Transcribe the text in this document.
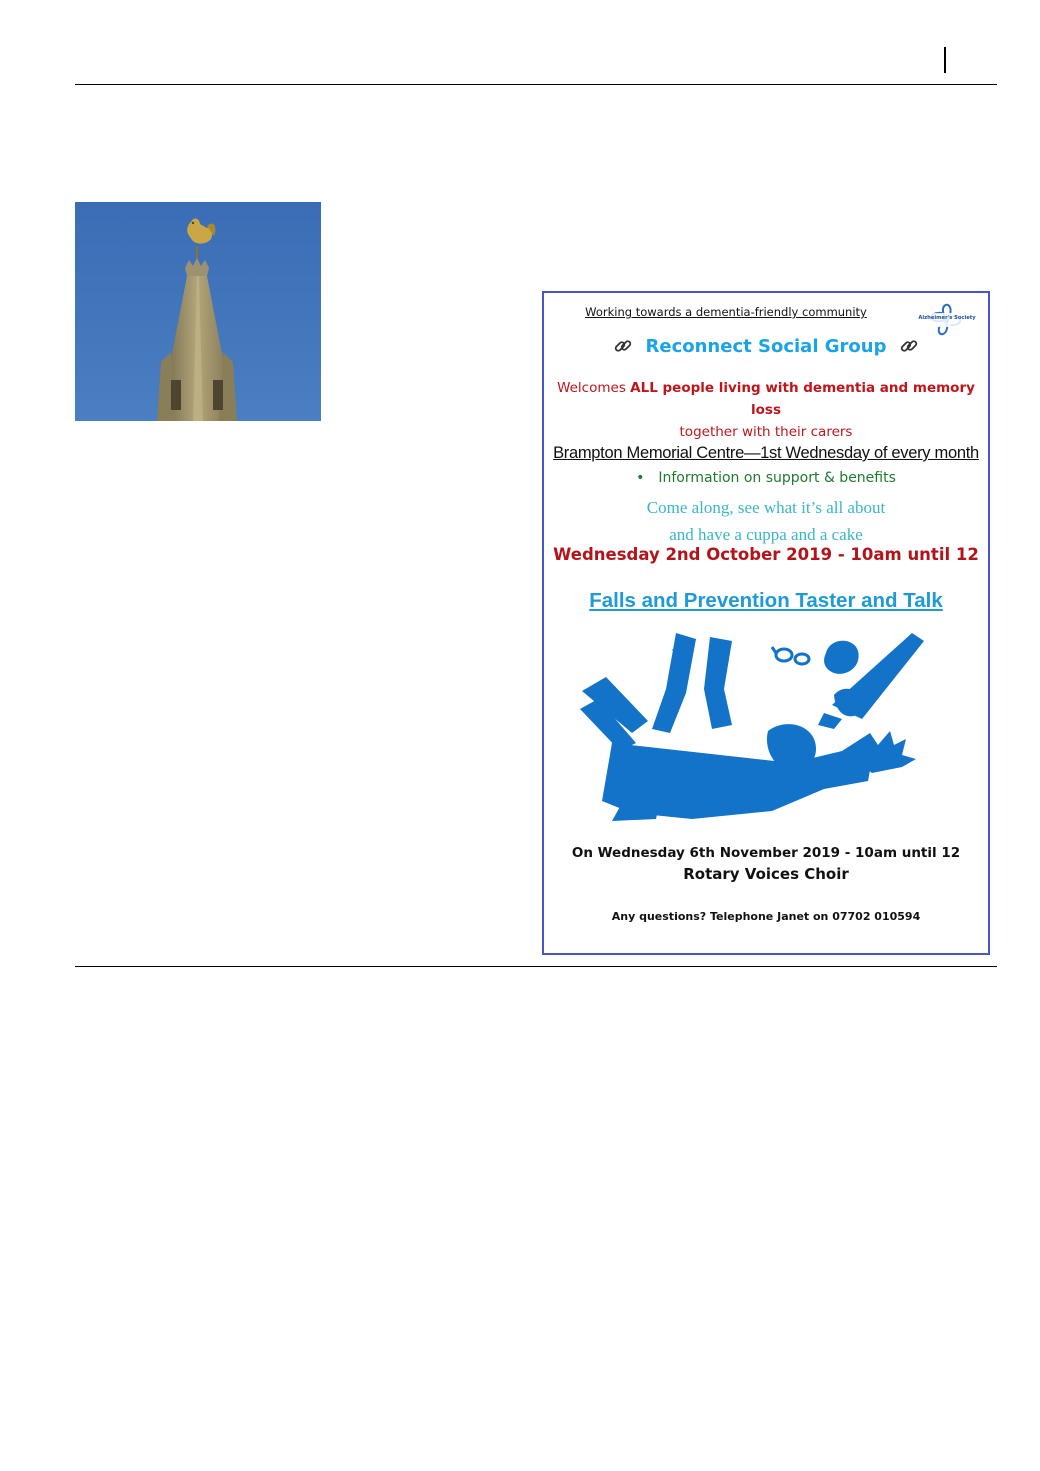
Working towards a dementia-friendly community	Alzheimer's Society
Reconnect Social Group
Welcomes ALL people living with dementia and memory loss
together with their carers
Brampton Memorial Centre—1st Wednesday of every month
• Information on support & benefits
Come along, see what it’s all about
and have a cuppa and a cake
Wednesday 2nd October 2019 - 10am until 12
Falls and Prevention Taster and Talk
On Wednesday 6th November 2019 - 10am until 12
Rotary Voices Choir
Any questions? Telephone Janet on 07702 010594
